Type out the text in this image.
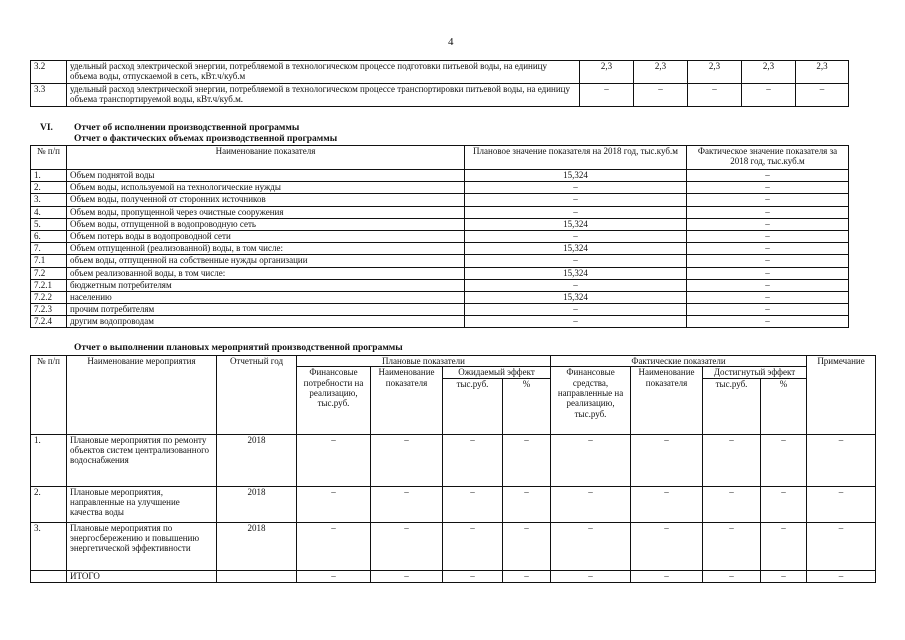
4
3.2	удельный расход электрической энергии, потребляемой в технологическом процессе подготовки питьевой воды, на единицу объема воды, отпускаемой в сеть, кВт.ч/куб.м	2,3	2,3	2,3	2,3	2,3
3.3	удельный расход электрической энергии, потребляемой в технологическом процессе транспортировки питьевой воды, на единицу объема транспортируемой воды, кВт.ч/куб.м.	–	–	–	–	–
VI. Отчет об исполнении производственной программы
Отчет о фактических объемах производственной программы
№ п/п	Наименование показателя	Плановое значение показателя на 2018 год, тыс.куб.м	Фактическое значение показателя за 2018 год, тыс.куб.м
1.	Объем поднятой воды	15,324	–
2.	Объем воды, используемой на технологические нужды	–	–
3.	Объем воды, полученной от сторонних источников	–	–
4.	Объем воды, пропущенной через очистные сооружения	–	–
5.	Объем воды, отпущенной в водопроводную сеть	15,324	–
6.	Объем потерь воды в водопроводной сети	–	–
7.	Объем отпущенной (реализованной) воды, в том числе:	15,324	–
7.1	объем воды, отпущенной на собственные нужды организации	–	–
7.2	объем реализованной воды, в том числе:	15,324	–
7.2.1	бюджетным потребителям	–	–
7.2.2	населению	15,324	–
7.2.3	прочим потребителям	–	–
7.2.4	другим водопроводам	–	–
Отчет о выполнении плановых мероприятий производственной программы
№ п/п	Наименование мероприятия	Отчетный год	Плановые показатели				Фактические показатели				Примечание
			Финансовые потребности на реализацию, тыс.руб.	Наименование показателя	Ожидаемый эффект		Финансовые средства, направленные на реализацию, тыс.руб.	Наименование показателя	Достигнутый эффект		
					тыс.руб.	%			тыс.руб.	%	
1.	Плановые мероприятия по ремонту объектов систем централизованного водоснабжения	2018	–	–	–	–	–	–	–	–	–
2.	Плановые мероприятия, направленные на улучшение качества воды	2018	–	–	–	–	–	–	–	–	–
3.	Плановые мероприятия по энергосбережению и повышению энергетической эффективности	2018	–	–	–	–	–	–	–	–	–
	ИТОГО		–	–	–	–	–	–	–	–	–
